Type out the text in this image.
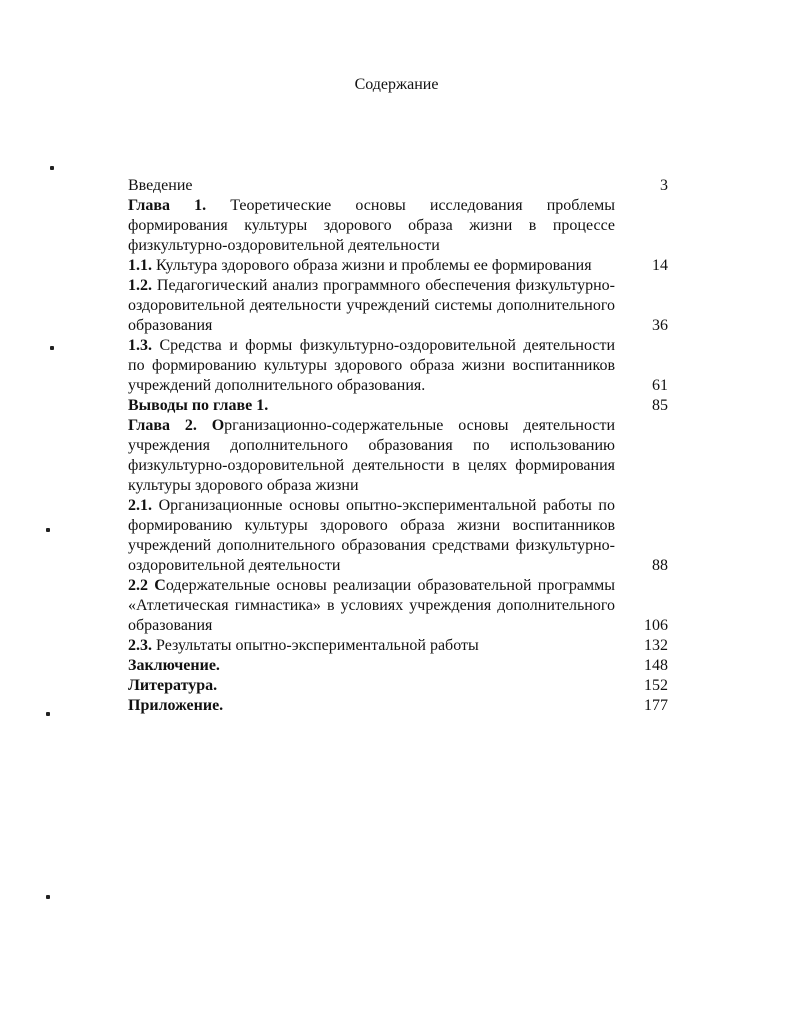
Содержание
Введение	3
Глава 1. Теоретические основы исследования проблемы формирования культуры здорового образа жизни в процессе физкультурно-оздоровительной деятельности
1.1. Культура здорового образа жизни и проблемы ее формирования	14
1.2. Педагогический анализ программного обеспечения физкультурно-оздоровительной деятельности учреждений системы дополнительного образования	36
1.3. Средства и формы физкультурно-оздоровительной деятельности по формированию культуры здорового образа жизни воспитанников учреждений дополнительного образования.	61
Выводы по главе 1.	85
Глава 2. Организационно-содержательные основы деятельности учреждения дополнительного образования по использованию физкультурно-оздоровительной деятельности в целях формирования культуры здорового образа жизни
2.1. Организационные основы опытно-экспериментальной работы по формированию культуры здорового образа жизни воспитанников учреждений дополнительного образования средствами физкультурно-оздоровительной деятельности	88
2.2 Содержательные основы реализации образовательной программы «Атлетическая гимнастика» в условиях учреждения дополнительного образования	106
2.3. Результаты опытно-экспериментальной работы	132
Заключение.	148
Литература.	152
Приложение.	177
